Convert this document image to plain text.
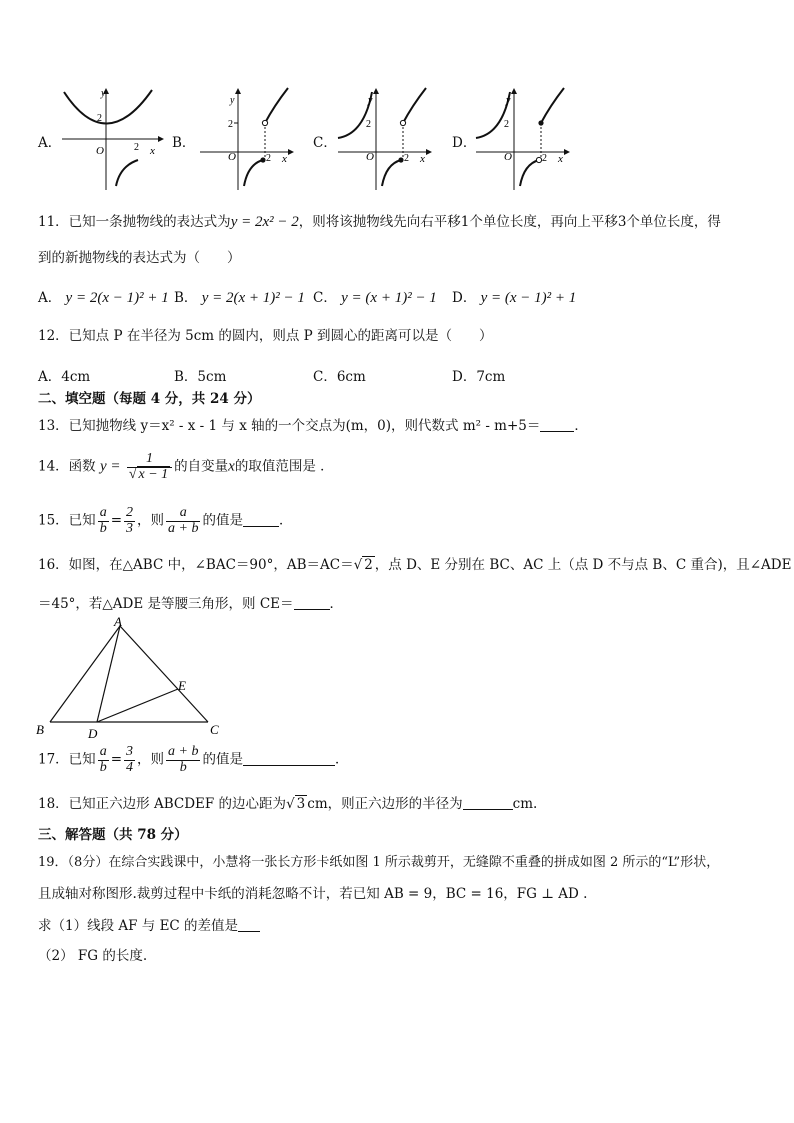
A．	B．	C．	D．
2
O	2 x
y
2
O	2 x
y
2
O	2 x
y
2
O	2 x
y
11．已知一条抛物线的表达式为y = 2x² − 2，则将该抛物线先向右平移1个单位长度，再向上平移3个单位长度，得
到的新抛物线的表达式为（　　）
A． y = 2(x − 1)² + 1 B． y = 2(x + 1)² − 1 C． y = (x + 1)² − 1 D． y = (x − 1)² + 1
12．已知点 P 在半径为 5cm 的圆内，则点 P 到圆心的距离可以是（　　）
A．4cm	B．5cm	C．6cm	D．7cm
二、填空题（每题 4 分，共 24 分）
13．已知抛物线 y＝x² - x - 1 与 x 轴的一个交点为(m，0)，则代数式 m² - m+5＝	．
14．函数 $y = \frac{1}{√ x - 1}$ 的自变量x的取值范围是 ．
15．已知 $\frac{a}{b} = \frac{2}{3}$ ，则 $\frac{a}{a + b}$ 的值是	．
16．如图，在△ABC 中，∠BAC＝90°，AB＝AC＝√ 2 ，点 D、E 分别在 BC、AC 上（点 D 不与点 B、C 重合)，且∠ADE
＝45°，若△ADE 是等腰三角形，则 CE＝	．
A
B	C
D
E
17．已知 $\frac{a}{b} = \frac{3}{4}$ ，则 $\frac{a + b}{b}$ 的值是	．
18．已知正六边形 ABCDEF 的边心距为√ 3 cm，则正六边形的半径为	cm.
三、解答题（共 78 分）
19．（8分）在综合实践课中，小慧将一张长方形卡纸如图 1 所示裁剪开，无缝隙不重叠的拼成如图 2 所示的“L”形状，
且成轴对称图形.裁剪过程中卡纸的消耗忽略不计，若已知 AB = 9，BC = 16，FG ⊥ AD .
求（1）线段 AF 与 EC 的差值是
（2） FG 的长度.
